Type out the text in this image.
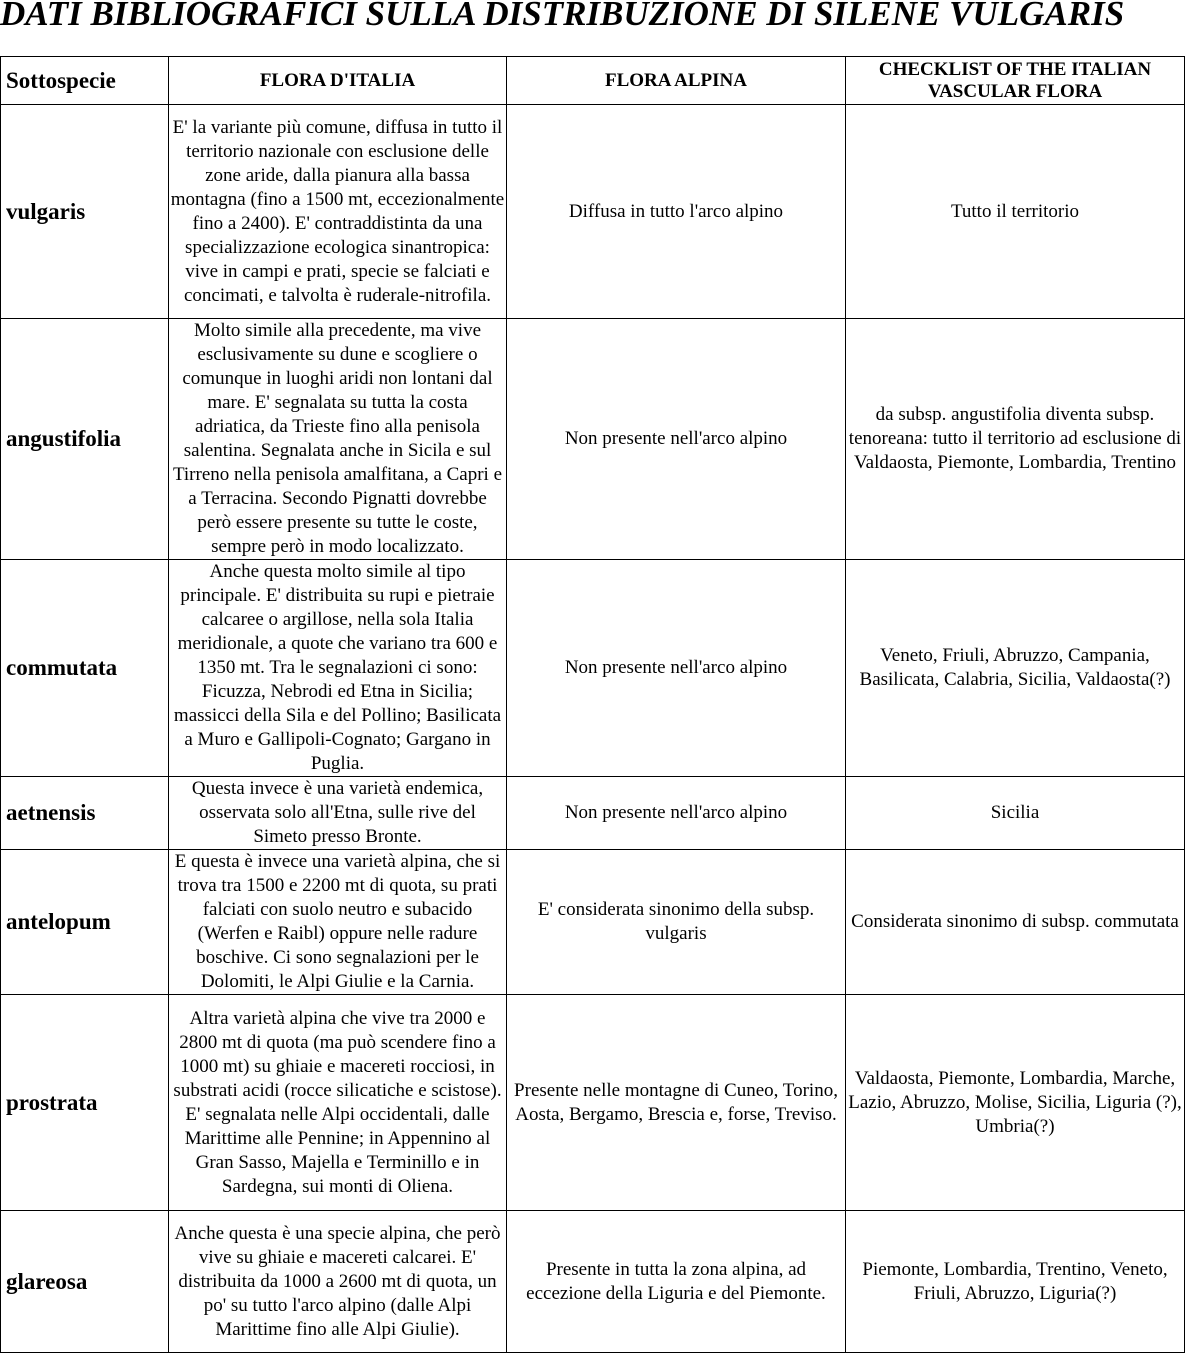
DATI BIBLIOGRAFICI SULLA DISTRIBUZIONE DI SILENE VULGARIS
Sottospecie	FLORA D'ITALIA	FLORA ALPINA	CHECKLIST OF THE ITALIAN VASCULAR FLORA
vulgaris	E' la variante più comune, diffusa in tutto il territorio nazionale con esclusione delle zone aride, dalla pianura alla bassa montagna (fino a 1500 mt, eccezionalmente fino a 2400). E' contraddistinta da una specializzazione ecologica sinantropica: vive in campi e prati, specie se falciati e concimati, e talvolta è ruderale-nitrofila.	Diffusa in tutto l'arco alpino	Tutto il territorio
angustifolia	Molto simile alla precedente, ma vive esclusivamente su dune e scogliere o comunque in luoghi aridi non lontani dal mare. E' segnalata su tutta la costa adriatica, da Trieste fino alla penisola salentina. Segnalata anche in Sicila e sul Tirreno nella penisola amalfitana, a Capri e a Terracina. Secondo Pignatti dovrebbe però essere presente su tutte le coste, sempre però in modo localizzato.	Non presente nell'arco alpino	da subsp. angustifolia diventa subsp. tenoreana: tutto il territorio ad esclusione di Valdaosta, Piemonte, Lombardia, Trentino
commutata	Anche questa molto simile al tipo principale. E' distribuita su rupi e pietraie calcaree o argillose, nella sola Italia meridionale, a quote che variano tra 600 e 1350 mt. Tra le segnalazioni ci sono: Ficuzza, Nebrodi ed Etna in Sicilia; massicci della Sila e del Pollino; Basilicata a Muro e Gallipoli-Cognato; Gargano in Puglia.	Non presente nell'arco alpino	Veneto, Friuli, Abruzzo, Campania, Basilicata, Calabria, Sicilia, Valdaosta(?)
aetnensis	Questa invece è una varietà endemica, osservata solo all'Etna, sulle rive del Simeto presso Bronte.	Non presente nell'arco alpino	Sicilia
antelopum	E questa è invece una varietà alpina, che si trova tra 1500 e 2200 mt di quota, su prati falciati con suolo neutro e subacido (Werfen e Raibl) oppure nelle radure boschive. Ci sono segnalazioni per le Dolomiti, le Alpi Giulie e la Carnia.	E' considerata sinonimo della subsp. vulgaris	Considerata sinonimo di subsp. commutata
prostrata	Altra varietà alpina che vive tra 2000 e 2800 mt di quota (ma può scendere fino a 1000 mt) su ghiaie e macereti rocciosi, in substrati acidi (rocce silicatiche e scistose). E' segnalata nelle Alpi occidentali, dalle Marittime alle Pennine; in Appennino al Gran Sasso, Majella e Terminillo e in Sardegna, sui monti di Oliena.	Presente nelle montagne di Cuneo, Torino, Aosta, Bergamo, Brescia e, forse, Treviso.	Valdaosta, Piemonte, Lombardia, Marche, Lazio, Abruzzo, Molise, Sicilia, Liguria (?), Umbria(?)
glareosa	Anche questa è una specie alpina, che però vive su ghiaie e macereti calcarei. E' distribuita da 1000 a 2600 mt di quota, un po' su tutto l'arco alpino (dalle Alpi Marittime fino alle Alpi Giulie).	Presente in tutta la zona alpina, ad eccezione della Liguria e del Piemonte.	Piemonte, Lombardia, Trentino, Veneto, Friuli, Abruzzo, Liguria(?)
